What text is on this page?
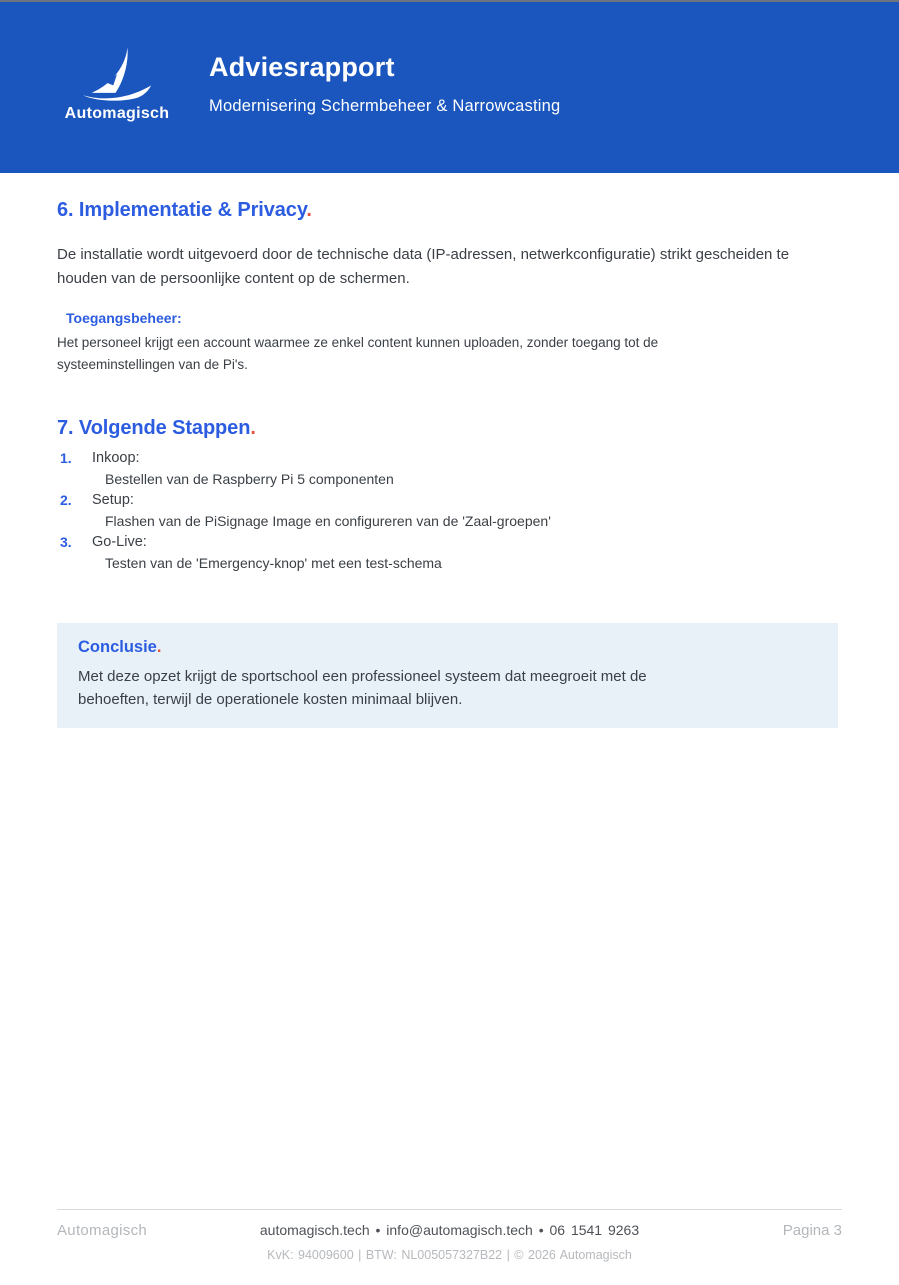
Automagisch
Adviesrapport
Modernisering Schermbeheer & Narrowcasting
6. Implementatie & Privacy.

De installatie wordt uitgevoerd door de technische data (IP-adressen, netwerkconfiguratie) strikt gescheiden te houden van de persoonlijke content op de schermen.

Toegangsbeheer:

Het personeel krijgt een account waarmee ze enkel content kunnen uploaden, zonder toegang tot de systeeminstellingen van de Pi's.

7. Volgende Stappen.
1.	Inkoop:
Bestellen van de Raspberry Pi 5 componenten
2.	Setup:
Flashen van de PiSignage Image en configureren van de 'Zaal-groepen'
3.	Go-Live:
Testen van de 'Emergency-knop' met een test-schema
Conclusie.

Met deze opzet krijgt de sportschool een professioneel systeem dat meegroeit met de behoeften, terwijl de operationele kosten minimaal blijven.

Automagisch	automagisch.tech • info@automagisch.tech • 06 1541 9263	Pagina 3
KvK: 94009600 | BTW: NL005057327B22 | © 2026 Automagisch
